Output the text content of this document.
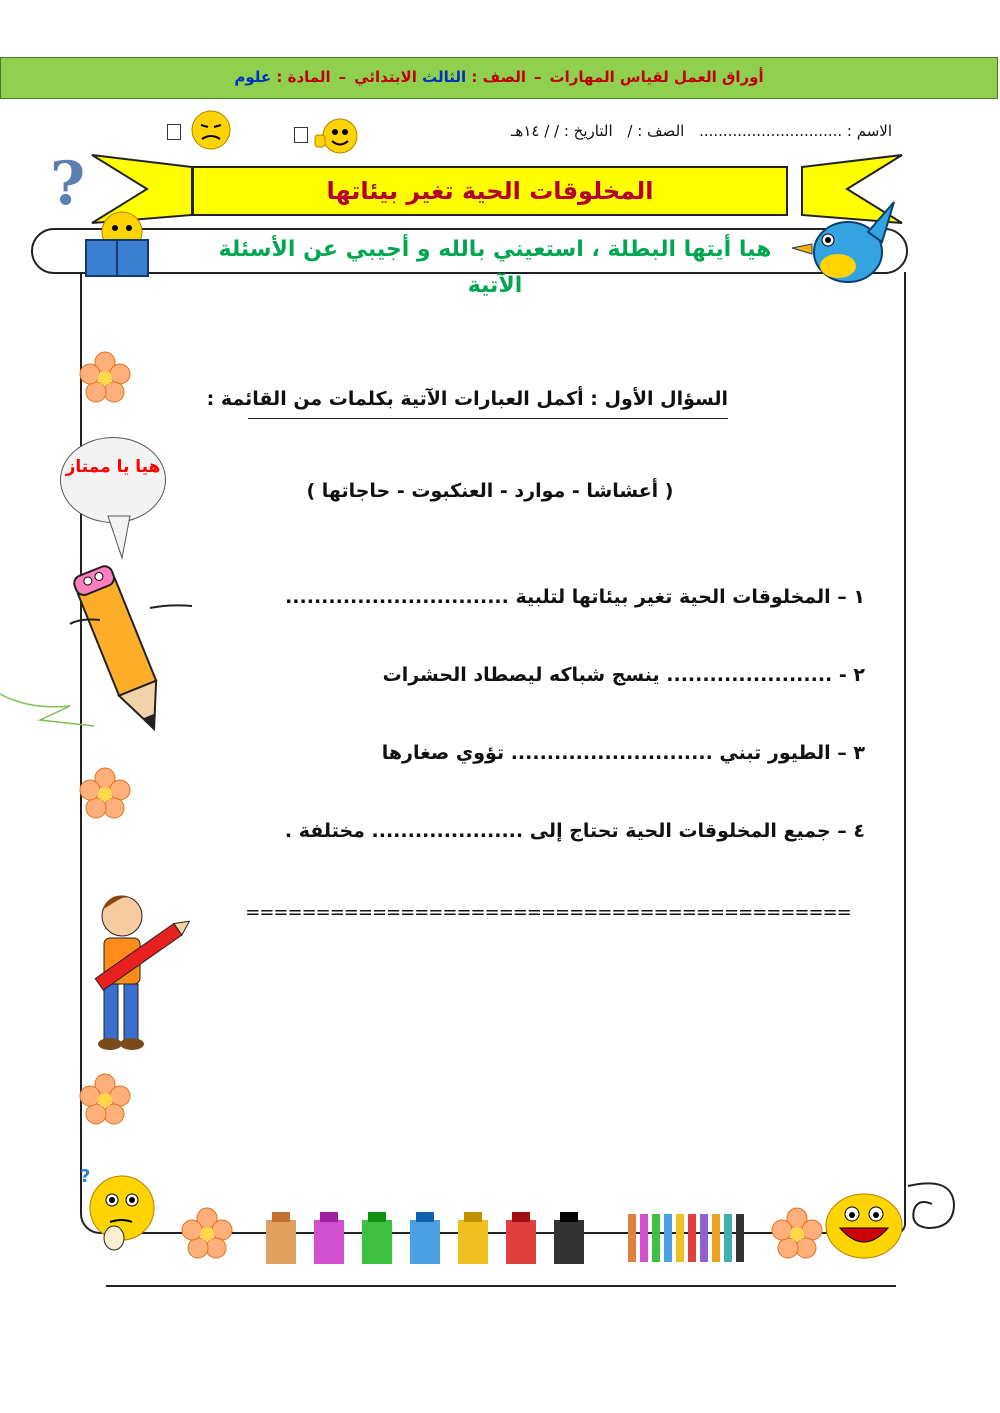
أوراق العمل لقياس المهارات–الصف : الثالث الابتدائي–المادة : علوم
الاسم : .............................. الصف : / التاريخ : / / ١٤هـ
?	المخلوقات الحية تغير بيئاتها
هيا أيتها البطلة ، استعيني بالله و أجيبي عن الأسئلة الآتية
هيا يا ممتاز
?
السؤال الأول : أكمل العبارات الآتية بكلمات من القائمة :
( أعشاشا - موارد - العنكبوت - حاجاتها )
١ – المخلوقات الحية تغير بيئاتها لتلبية ...............................
٢ - ....................... ينسج شباكه ليصطاد الحشرات
٣ – الطيور تبني ............................ تؤوي صغارها
٤ – جميع المخلوقات الحية تحتاج إلى ..................... مختلفة .
===========================================
